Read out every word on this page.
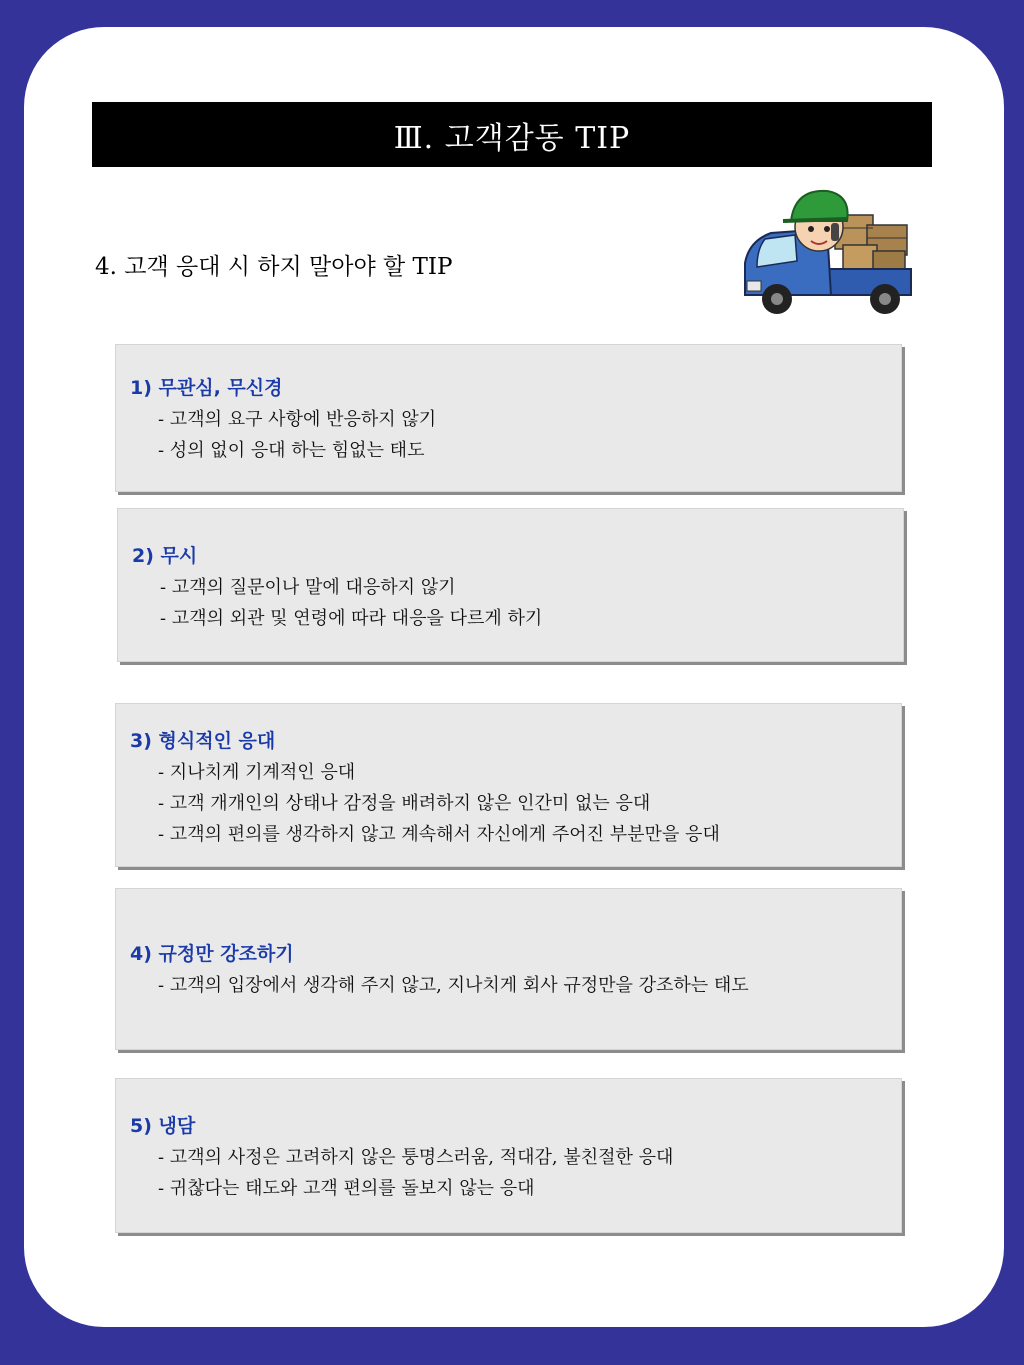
Ⅲ. 고객감동 TIP
4. 고객 응대 시 하지 말아야 할 TIP
1) 무관심, 무신경
- 고객의 요구 사항에 반응하지 않기
- 성의 없이 응대 하는 힘없는 태도
2) 무시
- 고객의 질문이나 말에 대응하지 않기
- 고객의 외관 및 연령에 따라 대응을 다르게 하기
3) 형식적인 응대
- 지나치게 기계적인 응대
- 고객 개개인의 상태나 감정을 배려하지 않은 인간미 없는 응대
- 고객의 편의를 생각하지 않고 계속해서 자신에게 주어진 부분만을 응대
4) 규정만 강조하기
- 고객의 입장에서 생각해 주지 않고, 지나치게 회사 규정만을 강조하는 태도
5) 냉담
- 고객의 사정은 고려하지 않은 퉁명스러움, 적대감, 불친절한 응대
- 귀찮다는 태도와 고객 편의를 돌보지 않는 응대
